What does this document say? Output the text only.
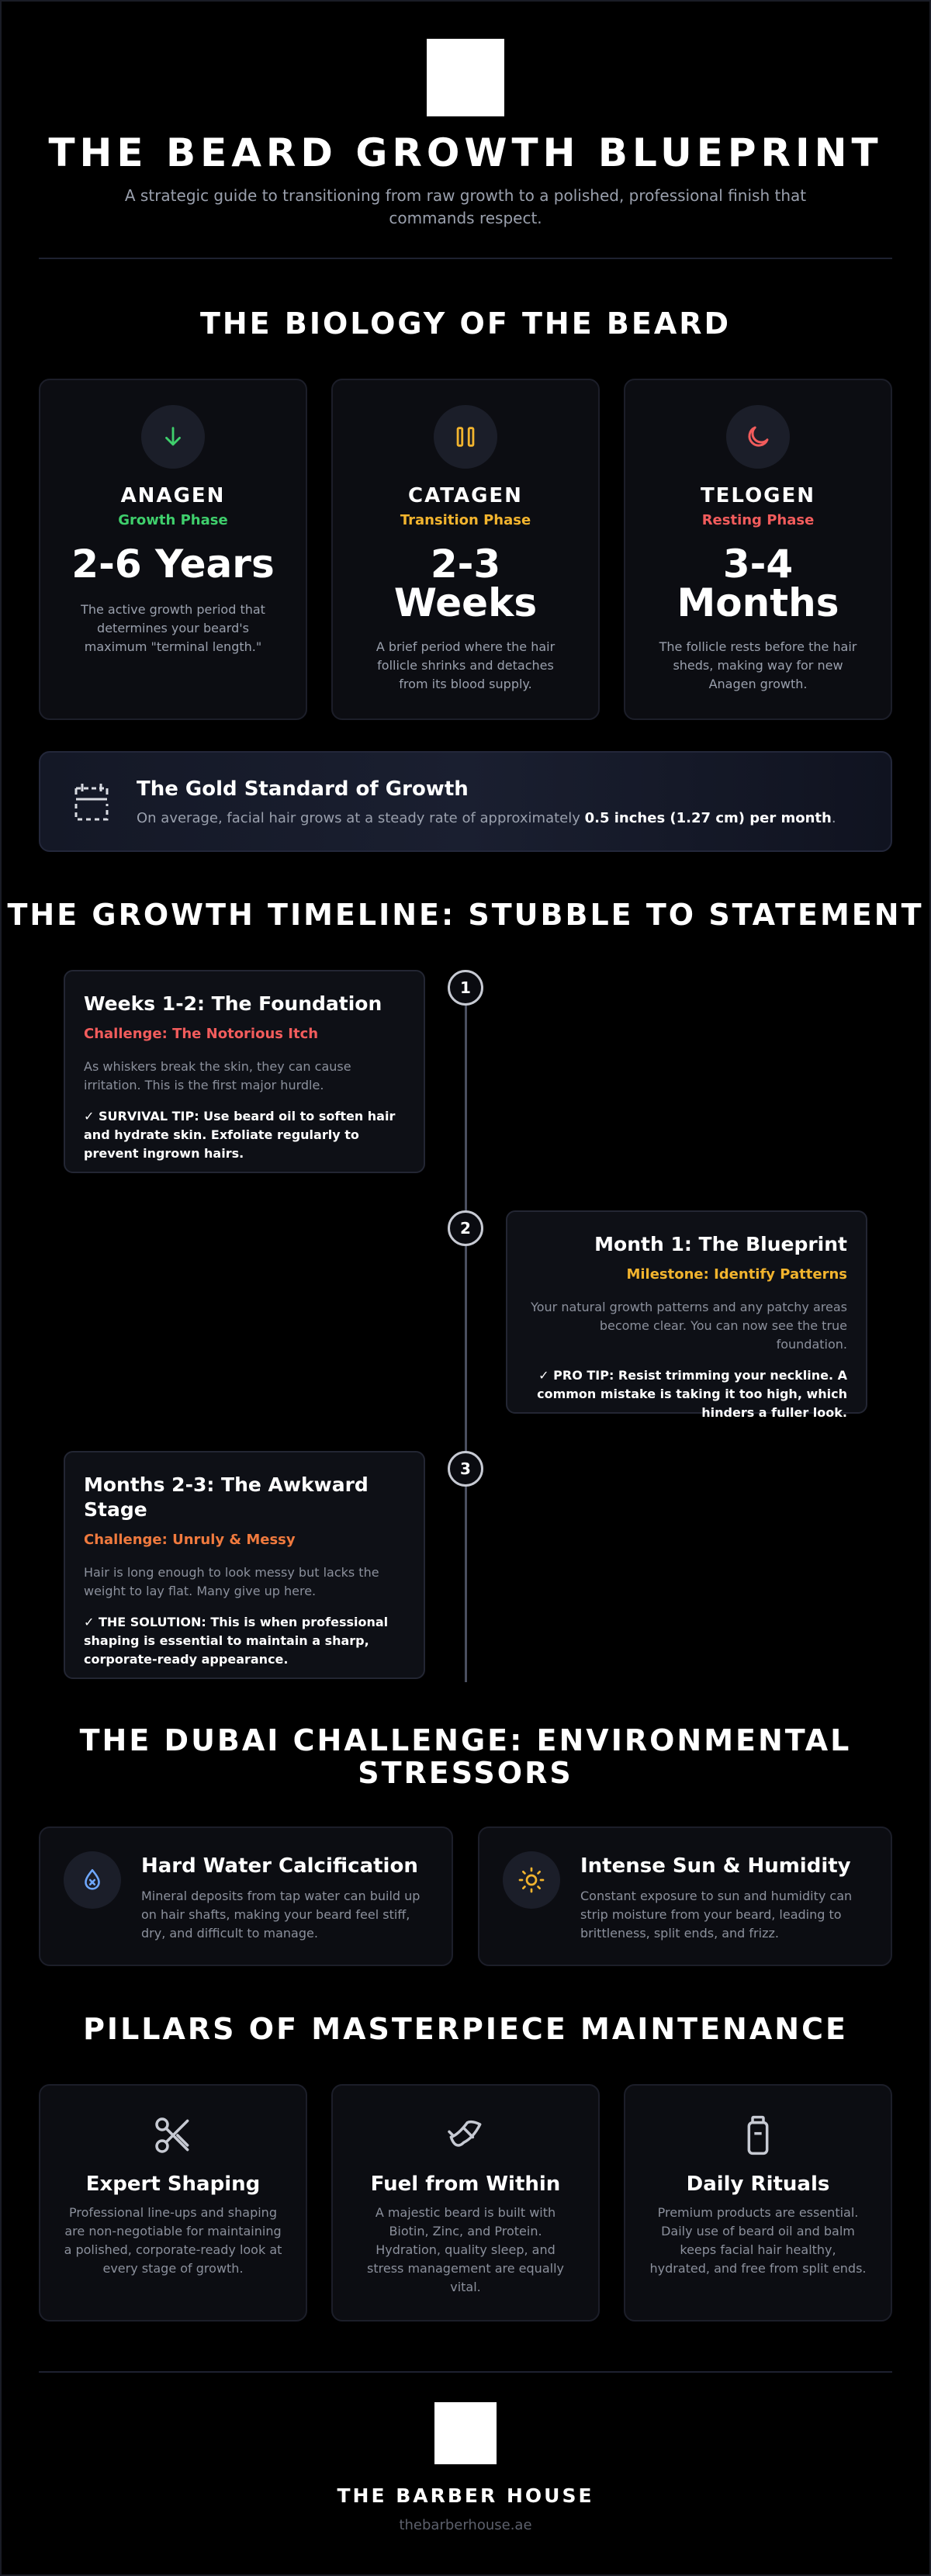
THE BEARD GROWTH BLUEPRINT

A strategic guide to transitioning from raw growth to a polished, professional finish that commands respect.

THE BIOLOGY OF THE BEARD
ANAGEN
Growth Phase
2-6 Years
The active growth period that determines your beard's maximum "terminal length."
CATAGEN
Transition Phase
2-3
Weeks
A brief period where the hair follicle shrinks and detaches from its blood supply.
TELOGEN
Resting Phase
3-4
Months
The follicle rests before the hair sheds, making way for new Anagen growth.
The Gold Standard of Growth
On average, facial hair grows at a steady rate of approximately 0.5 inches (1.27 cm) per month.
THE GROWTH TIMELINE: STUBBLE TO STATEMENT
1
Weeks 1-2: The Foundation
Challenge: The Notorious Itch
As whiskers break the skin, they can cause irritation. This is the first major hurdle.
✓ SURVIVAL TIP: Use beard oil to soften hair and hydrate skin. Exfoliate regularly to prevent ingrown hairs.
2
Month 1: The Blueprint
Milestone: Identify Patterns
Your natural growth patterns and any patchy areas become clear. You can now see the true foundation.
✓ PRO TIP: Resist trimming your neckline. A common mistake is taking it too high, which hinders a fuller look.
3
Months 2-3: The Awkward Stage
Challenge: Unruly & Messy
Hair is long enough to look messy but lacks the weight to lay flat. Many give up here.
✓ THE SOLUTION: This is when professional shaping is essential to maintain a sharp, corporate-ready appearance.
THE DUBAI CHALLENGE: ENVIRONMENTAL
STRESSORS
Hard Water Calcification
Mineral deposits from tap water can build up on hair shafts, making your beard feel stiff, dry, and difficult to manage.
Intense Sun & Humidity
Constant exposure to sun and humidity can strip moisture from your beard, leading to brittleness, split ends, and frizz.
PILLARS OF MASTERPIECE MAINTENANCE
Expert Shaping
Professional line-ups and shaping are non-negotiable for maintaining a polished, corporate-ready look at every stage of growth.
Fuel from Within
A majestic beard is built with Biotin, Zinc, and Protein. Hydration, quality sleep, and stress management are equally vital.
Daily Rituals
Premium products are essential. Daily use of beard oil and balm keeps facial hair healthy, hydrated, and free from split ends.
THE BARBER HOUSE
thebarberhouse.ae
